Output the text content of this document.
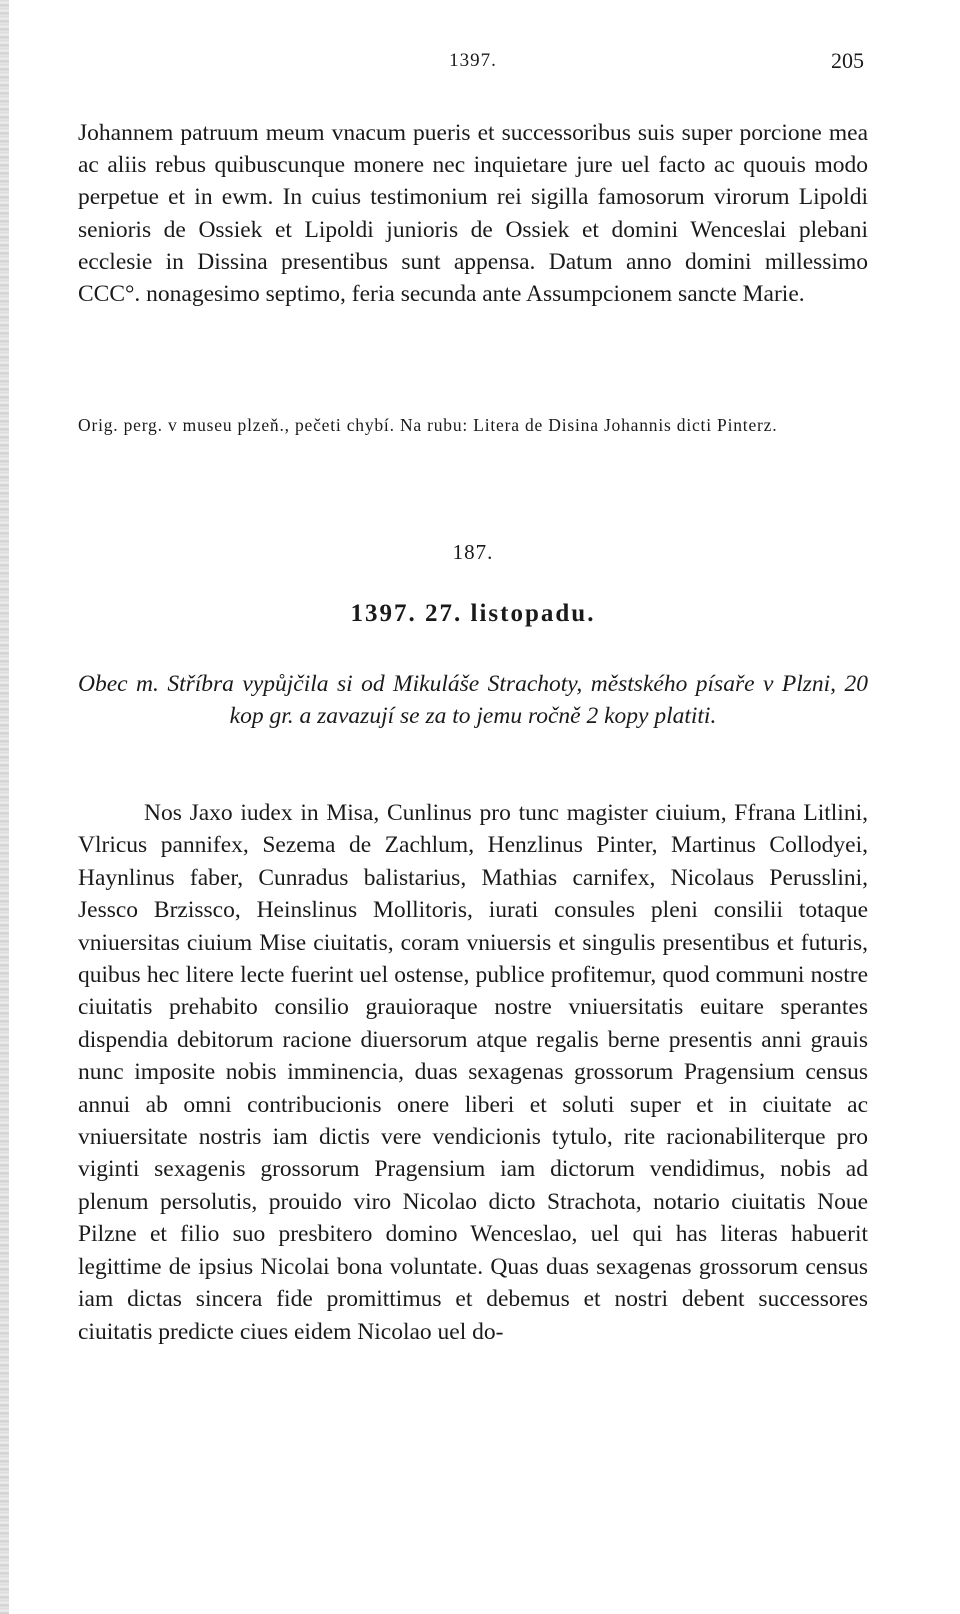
1397.	205

Johannem patruum meum vnacum pueris et successoribus suis super porcione mea ac aliis rebus quibuscunque monere nec inquietare jure uel facto ac quouis modo perpetue et in ewm. In cuius testimonium rei sigilla famosorum virorum Lipoldi senioris de Ossiek et Lipoldi junioris de Ossiek et domini Wenceslai plebani ecclesie in Dissina presentibus sunt appensa. Datum anno domini millessimo CCC°. nonagesimo septimo, feria secunda ante Assumpcionem sancte Marie.

Orig. perg. v museu plzeň., pečeti chybí. Na rubu: Litera de Disina Johannis dicti Pinterz.

187.
1397. 27. listopadu.

Obec m. Stříbra vypůjčila si od Mikuláše Strachoty, městského písaře v Plzni, 20 kop gr. a zavazují se za to jemu ročně 2 kopy platiti.

Nos Jaxo iudex in Misa, Cunlinus pro tunc magister ciuium, Ffrana Litlini, Vlricus pannifex, Sezema de Zachlum, Henzlinus Pinter, Martinus Collodyei, Haynlinus faber, Cunradus balistarius, Mathias carnifex, Nicolaus Perusslini, Jessco Brzissco, Heinslinus Mollitoris, iurati consules pleni consilii totaque vniuersitas ciuium Mise ciuitatis, coram vniuersis et singulis presentibus et futuris, quibus hec litere lecte fuerint uel ostense, publice profitemur, quod communi nostre ciuitatis prehabito consilio grauioraque nostre vniuersitatis euitare sperantes dispendia debitorum racione diuersorum atque regalis berne presentis anni grauis nunc imposite nobis imminencia, duas sexagenas grossorum Pragensium census annui ab omni contribucionis onere liberi et soluti super et in ciuitate ac vniuersitate nostris iam dictis vere vendicionis tytulo, rite racionabiliterque pro viginti sexagenis grossorum Pragensium iam dictorum vendidimus, nobis ad plenum persolutis, prouido viro Nicolao dicto Strachota, notario ciuitatis Noue Pilzne et filio suo presbitero domino Wenceslao, uel qui has literas habuerit legittime de ipsius Nicolai bona voluntate. Quas duas sexagenas grossorum census iam dictas sincera fide promittimus et debemus et nostri debent successores ciuitatis predicte ciues eidem Nicolao uel do-
